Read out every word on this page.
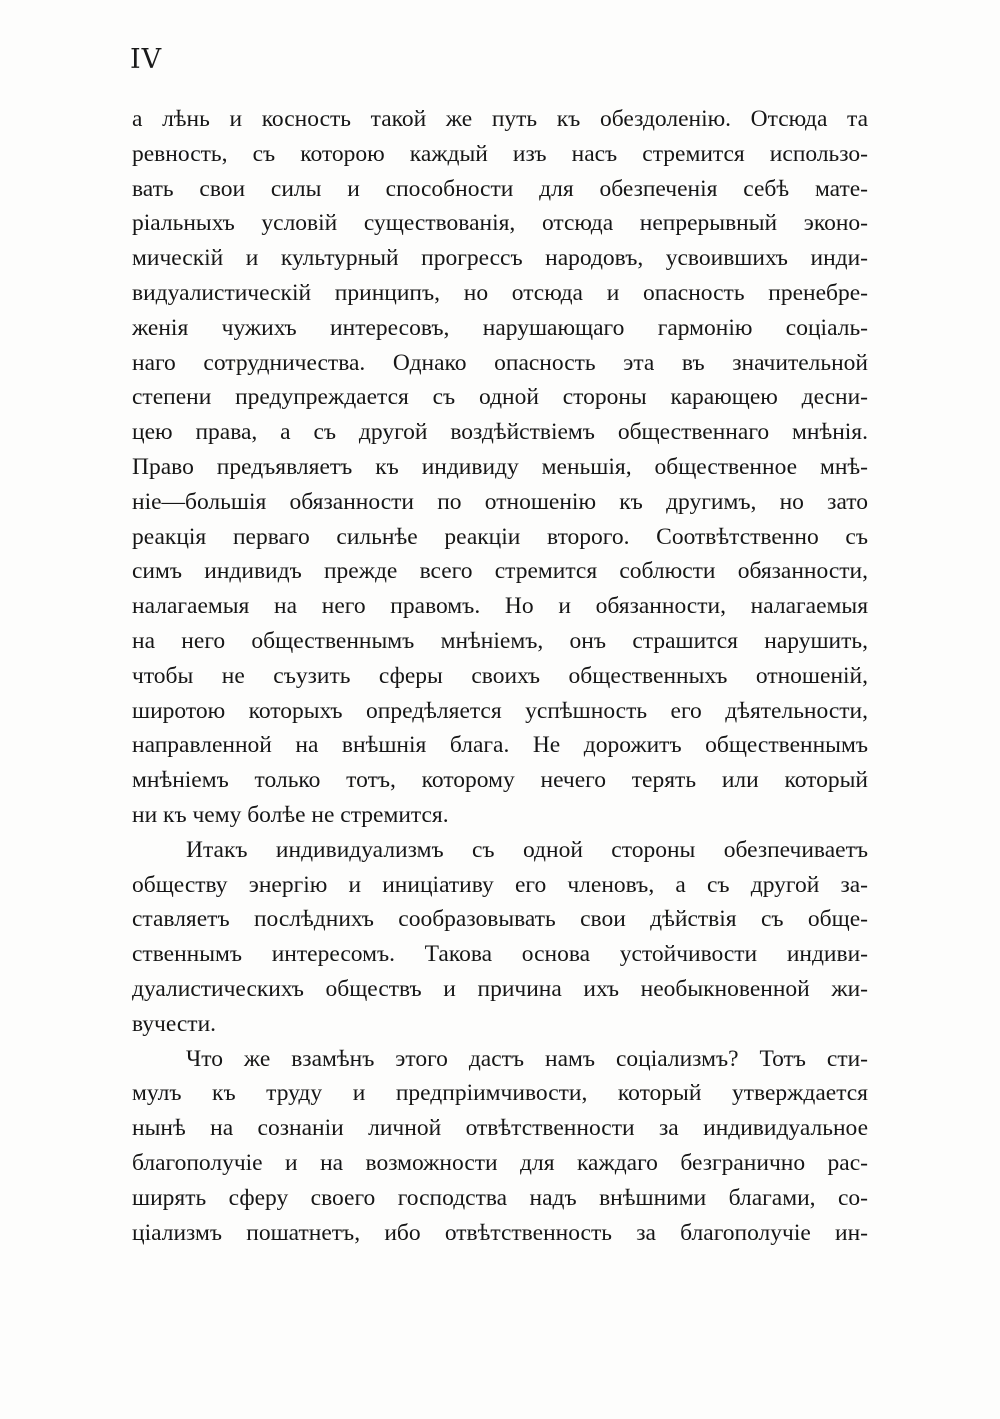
IV
а лѣнь и косность такой же путь къ обездоленію. Отсюда та
ревность, съ которою каждый изъ насъ стремится использо-
вать свои силы и способности для обезпеченія себѣ мате-
ріальныхъ условій существованія, отсюда непрерывный эконо-
мическій и культурный прогрессъ народовъ, усвоившихъ инди-
видуалистическій принципъ, но отсюда и опасность пренебре-
женія чужихъ интересовъ, нарушающаго гармонію соціаль-
наго сотрудничества. Однако опасность эта въ значительной
степени предупреждается съ одной стороны карающею десни-
цею права, а съ другой воздѣйствіемъ общественнаго мнѣнія.
Право предъявляетъ къ индивиду меньшія, общественное мнѣ-
ніе—большія обязанности по отношенію къ другимъ, но зато
реакція перваго сильнѣе реакціи второго. Соотвѣтственно съ
симъ индивидъ прежде всего стремится соблюсти обязанности,
налагаемыя на него правомъ. Но и обязанности, налагаемыя
на него общественнымъ мнѣніемъ, онъ страшится нарушить,
чтобы не съузить сферы своихъ общественныхъ отношеній,
широтою которыхъ опредѣляется успѣшность его дѣятельности,
направленной на внѣшнія блага. Не дорожитъ общественнымъ
мнѣніемъ только тотъ, которому нечего терять или который
ни къ чему болѣе не стремится.
Итакъ индивидуализмъ съ одной стороны обезпечиваетъ
обществу энергію и иниціативу его членовъ, а съ другой за-
ставляетъ послѣднихъ сообразовывать свои дѣйствія съ обще-
ственнымъ интересомъ. Такова основа устойчивости индиви-
дуалистическихъ обществъ и причина ихъ необыкновенной жи-
вучести.
Что же взамѣнъ этого дастъ намъ соціализмъ? Тотъ сти-
мулъ къ труду и предпріимчивости, который утверждается
нынѣ на сознаніи личной отвѣтственности за индивидуальное
благополучіе и на возможности для каждаго безгранично рас-
ширять сферу своего господства надъ внѣшними благами, со-
ціализмъ пошатнетъ, ибо отвѣтственность за благополучіе ин-
